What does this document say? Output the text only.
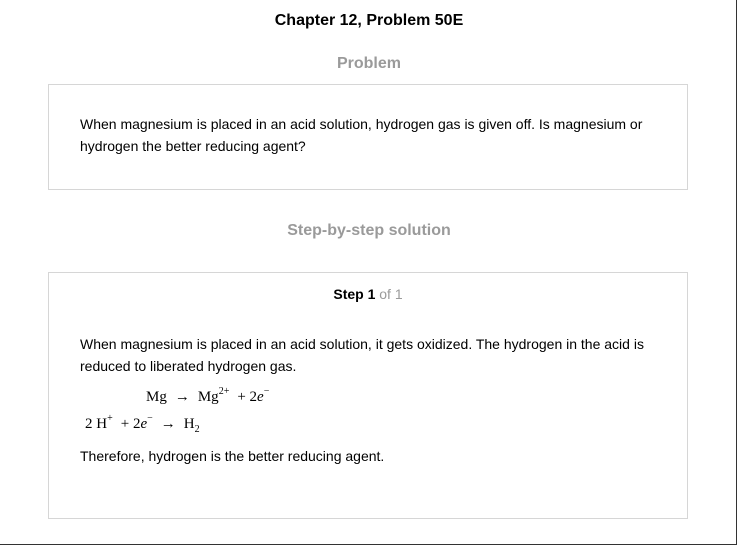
Chapter 12, Problem 50E
Problem
When magnesium is placed in an acid solution, hydrogen gas is given off. Is magnesium or hydrogen the better reducing agent?
Step-by-step solution
Step 1 of 1
When magnesium is placed in an acid solution, it gets oxidized. The hydrogen in the acid is reduced to liberated hydrogen gas.
$Mg \to Mg^{2+} + 2e^-$
2 $H^+ + 2e^- \to H_2$
Therefore, hydrogen is the better reducing agent.
